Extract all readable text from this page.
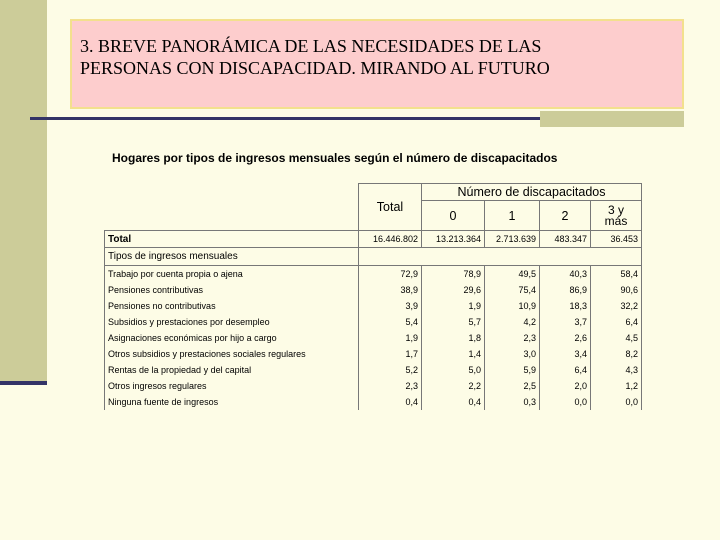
3. BREVE PANORÁMICA DE LAS NECESIDADES DE LAS
PERSONAS CON DISCAPACIDAD. MIRANDO AL FUTURO
Hogares por tipos de ingresos mensuales según el número de discapacitados
	Total	Número de discapacitados			
		0	1	2	3 y
más

Total	16.446.802	13.213.364	2.713.639	483.347	36.453
Tipos de ingresos mensuales					
Trabajo por cuenta propia o ajena	72,9	78,9	49,5	40,3	58,4
Pensiones contributivas	38,9	29,6	75,4	86,9	90,6
Pensiones no contributivas	3,9	1,9	10,9	18,3	32,2
Subsidios y prestaciones por desempleo	5,4	5,7	4,2	3,7	6,4
Asignaciones económicas por hijo a cargo	1,9	1,8	2,3	2,6	4,5
Otros subsidios y prestaciones sociales regulares	1,7	1,4	3,0	3,4	8,2
Rentas de la propiedad y del capital	5,2	5,0	5,9	6,4	4,3
Otros ingresos regulares	2,3	2,2	2,5	2,0	1,2
Ninguna fuente de ingresos	0,4	0,4	0,3	0,0	0,0
